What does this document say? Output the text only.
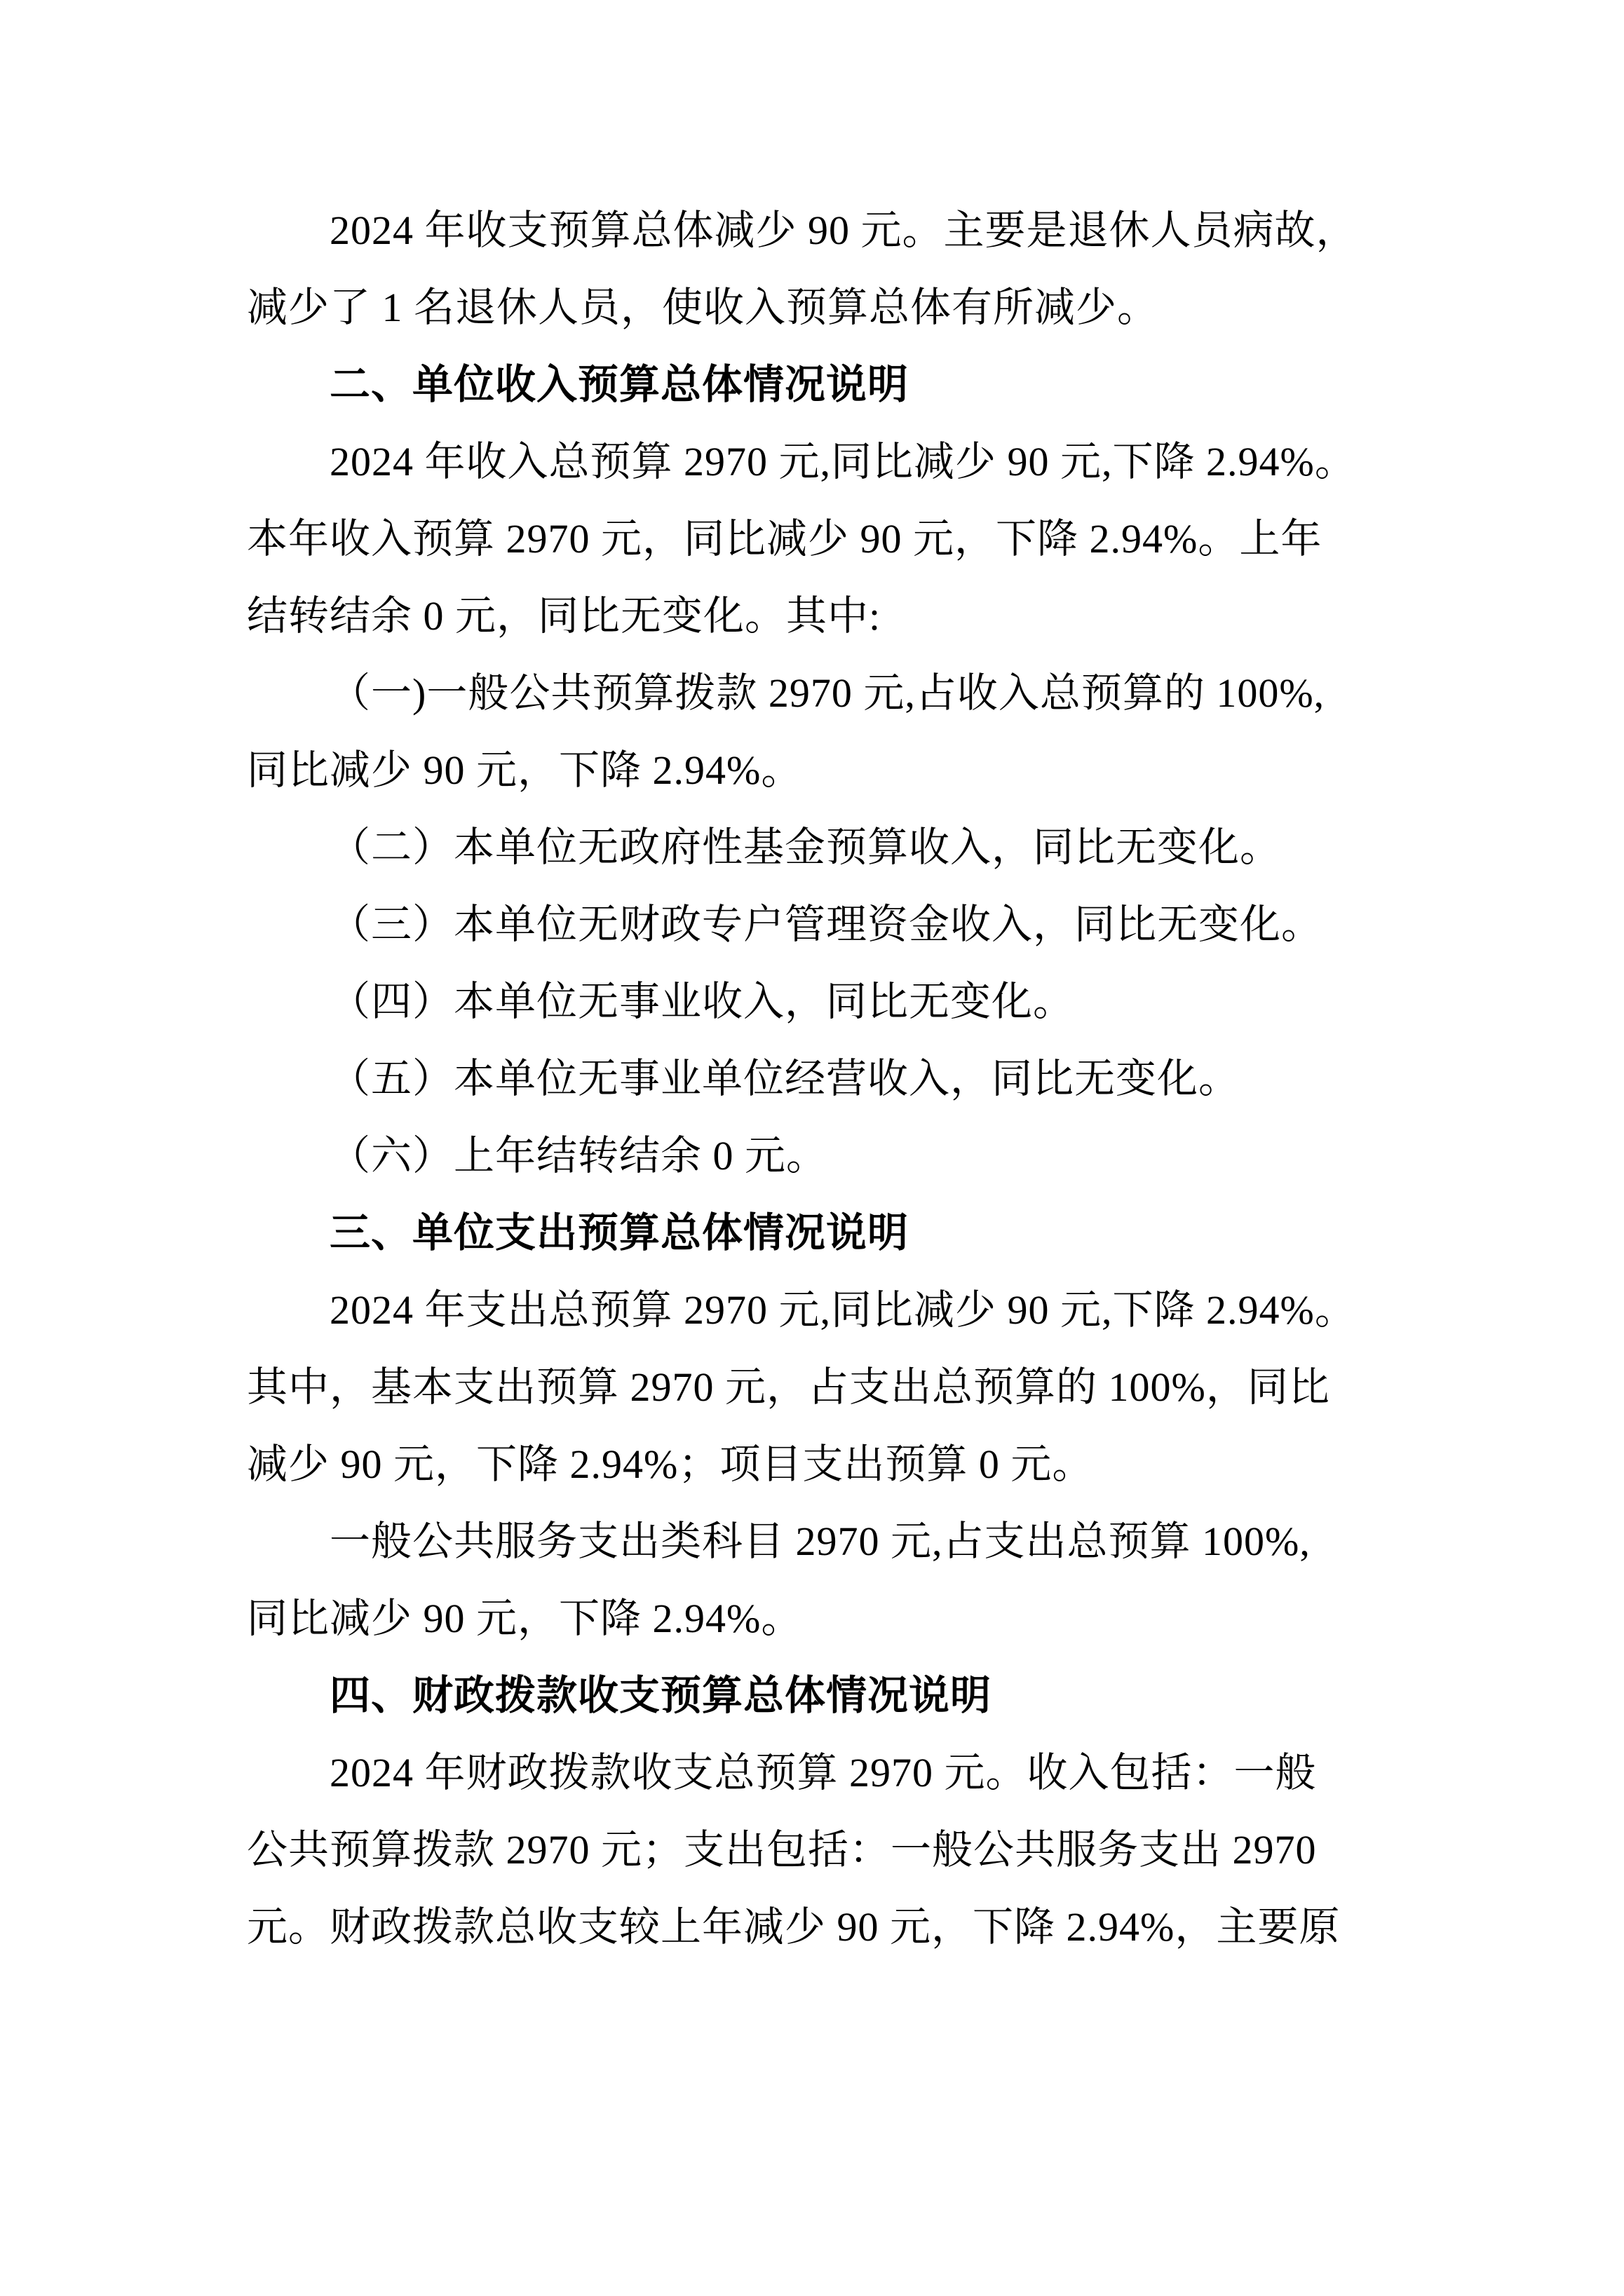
2024 年收支预算总体减少 90 元。主要是退休人员病故，
减少了 1 名退休人员，使收入预算总体有所减少。
二、单位收入预算总体情况说明
2024 年收入总预算 2970 元,同比减少 90 元,下降 2.94%。
本年收入预算 2970 元，同比减少 90 元，下降 2.94%。上年
结转结余 0 元，同比无变化。其中:
（一)一般公共预算拨款 2970 元,占收入总预算的 100%,
同比减少 90 元，下降 2.94%。
（二）本单位无政府性基金预算收入，同比无变化。
（三）本单位无财政专户管理资金收入，同比无变化。
（四）本单位无事业收入，同比无变化。
（五）本单位无事业单位经营收入，同比无变化。
（六）上年结转结余 0 元。
三、单位支出预算总体情况说明
2024 年支出总预算 2970 元,同比减少 90 元,下降 2.94%。
其中，基本支出预算 2970 元，占支出总预算的 100%，同比
减少 90 元，下降 2.94%；项目支出预算 0 元。
一般公共服务支出类科目 2970 元,占支出总预算 100%,
同比减少 90 元，下降 2.94%。
四、财政拨款收支预算总体情况说明
2024 年财政拨款收支总预算 2970 元。收入包括：一般
公共预算拨款 2970 元；支出包括：一般公共服务支出 2970
元。财政拨款总收支较上年减少 90 元，下降 2.94%，主要原
